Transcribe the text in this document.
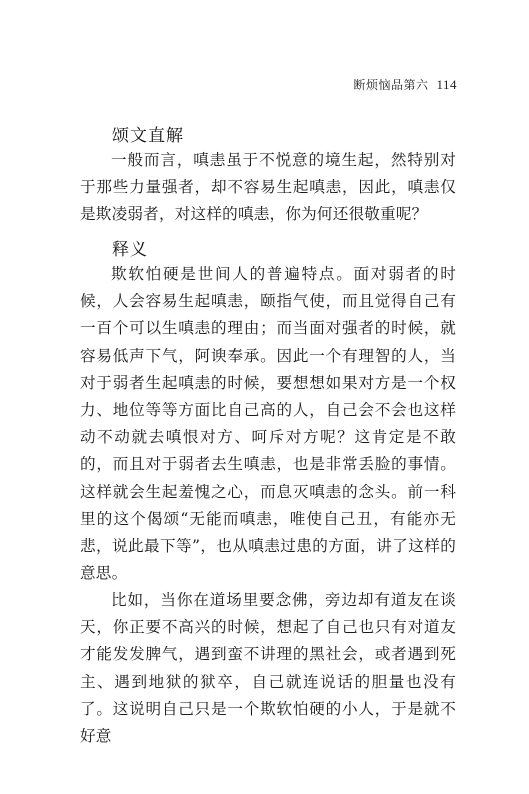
断烦恼品第六 114
颂文直解

一般而言，嗔恚虽于不悦意的境生起，然特别对于那些力量强者，却不容易生起嗔恚，因此，嗔恚仅是欺凌弱者，对这样的嗔恚，你为何还很敬重呢？

释义

欺软怕硬是世间人的普遍特点。面对弱者的时候，人会容易生起嗔恚，颐指气使，而且觉得自己有一百个可以生嗔恚的理由；而当面对强者的时候，就容易低声下气，阿谀奉承。因此一个有理智的人，当对于弱者生起嗔恚的时候，要想想如果对方是一个权力、地位等等方面比自己高的人，自己会不会也这样动不动就去嗔恨对方、呵斥对方呢？这肯定是不敢的，而且对于弱者去生嗔恚，也是非常丢脸的事情。这样就会生起羞愧之心，而息灭嗔恚的念头。前一科里的这个偈颂“无能而嗔恚，唯使自己丑，有能亦无悲，说此最下等”，也从嗔恚过患的方面，讲了这样的意思。

比如，当你在道场里要念佛，旁边却有道友在谈天，你正要不高兴的时候，想起了自己也只有对道友才能发发脾气，遇到蛮不讲理的黑社会，或者遇到死主、遇到地狱的狱卒，自己就连说话的胆量也没有了。这说明自己只是一个欺软怕硬的小人，于是就不好意
